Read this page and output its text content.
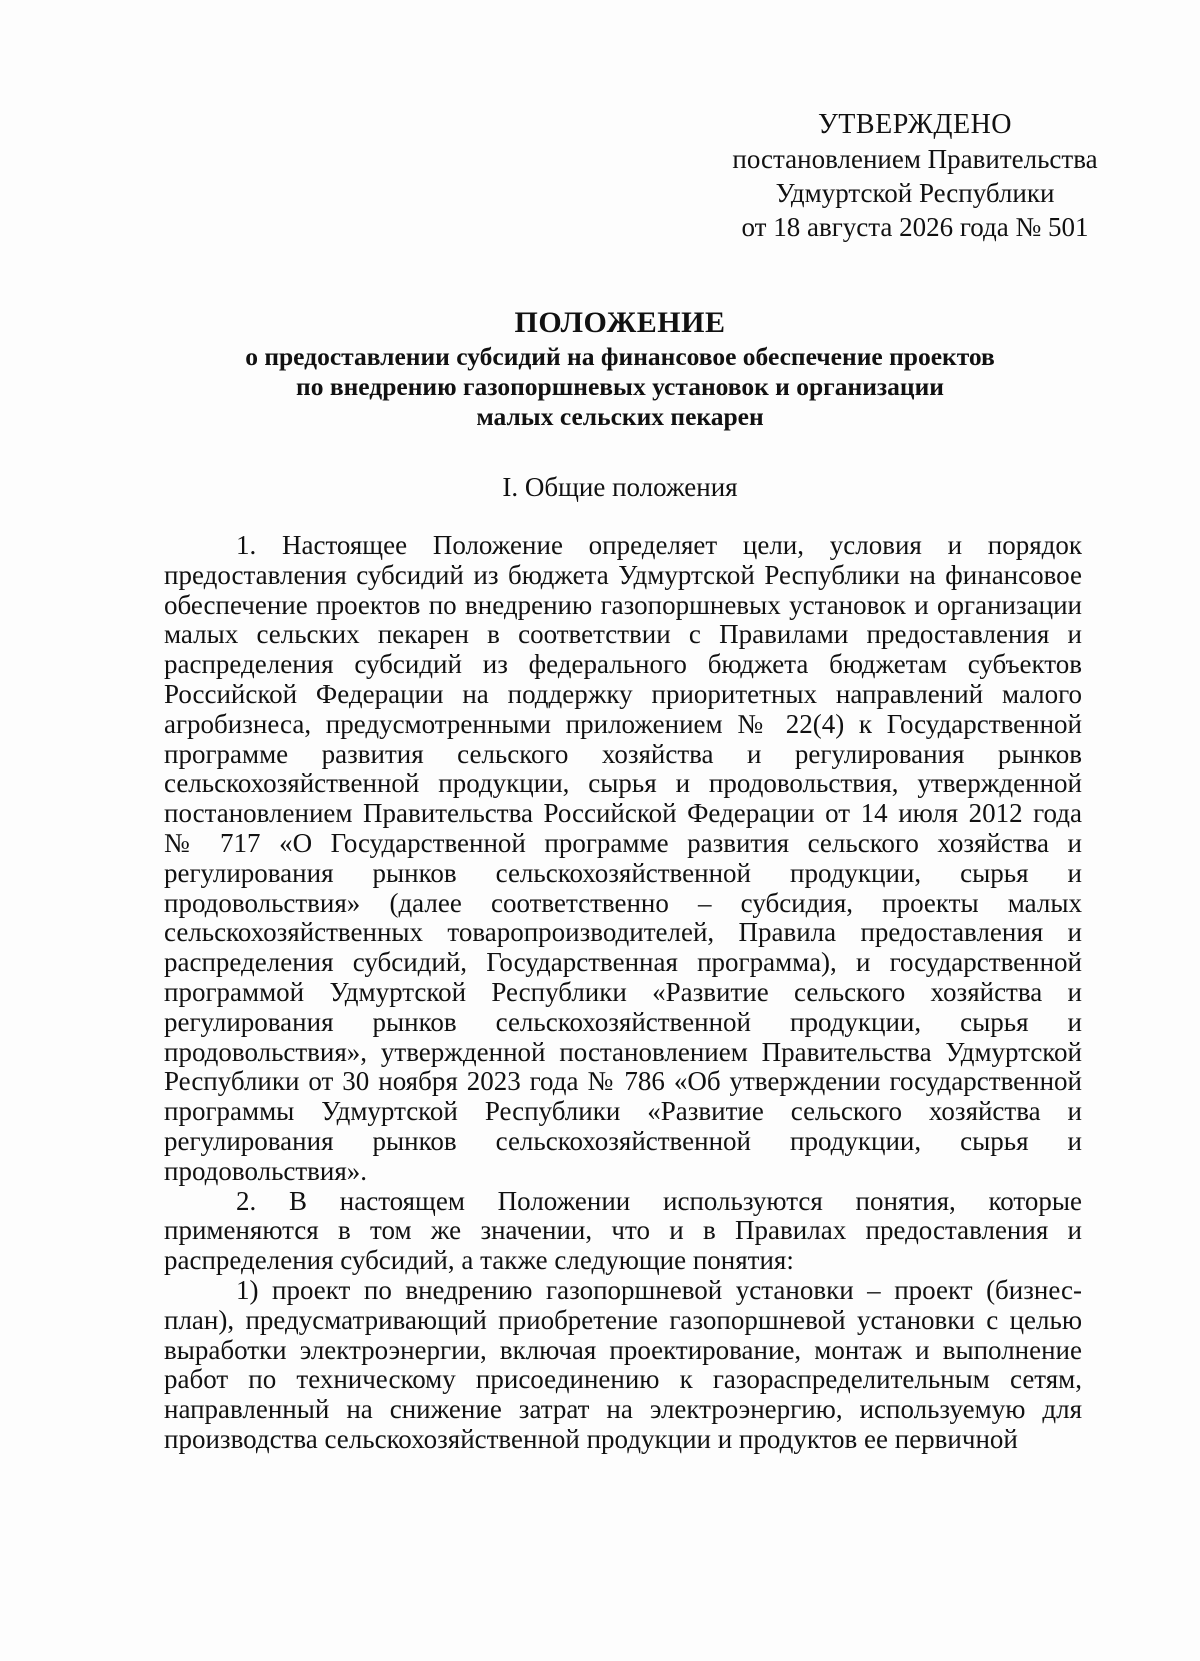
УТВЕРЖДЕНО
постановлением Правительства
Удмуртской Республики
от 18 августа 2026 года № 501
ПОЛОЖЕНИЕ
о предоставлении субсидий на финансовое обеспечение проектов
по внедрению газопоршневых установок и организации
малых сельских пекарен
I. Общие положения

1. Настоящее Положение определяет цели, условия и порядок предоставления субсидий из бюджета Удмуртской Республики на финансовое обеспечение проектов по внедрению газопоршневых установок и организации малых сельских пекарен в соответствии с Правилами предоставления и распределения субсидий из федерального бюджета бюджетам субъектов Российской Федерации на поддержку приоритетных направлений малого агробизнеса, предусмотренными приложением № 22(4) к Государственной программе развития сельского хозяйства и регулирования рынков сельскохозяйственной продукции, сырья и продовольствия, утвержденной постановлением Правительства Российской Федерации от 14 июля 2012 года № 717 «О Государственной программе развития сельского хозяйства и регулирования рынков сельскохозяйственной продукции, сырья и продовольствия» (далее соответственно – субсидия, проекты малых сельскохозяйственных товаропроизводителей, Правила предоставления и распределения субсидий, Государственная программа), и государственной программой Удмуртской Республики «Развитие сельского хозяйства и регулирования рынков сельскохозяйственной продукции, сырья и продовольствия», утвержденной постановлением Правительства Удмуртской Республики от 30 ноября 2023 года № 786 «Об утверждении государственной программы Удмуртской Республики «Развитие сельского хозяйства и регулирования рынков сельскохозяйственной продукции, сырья и продовольствия».

2. В настоящем Положении используются понятия, которые применяются в том же значении, что и в Правилах предоставления и распределения субсидий, а также следующие понятия:

1) проект по внедрению газопоршневой установки – проект (бизнес-план), предусматривающий приобретение газопоршневой установки с целью выработки электроэнергии, включая проектирование, монтаж и выполнение работ по техническому присоединению к газораспределительным сетям, направленный на снижение затрат на электроэнергию, используемую для производства сельскохозяйственной продукции и продуктов ее первичной
